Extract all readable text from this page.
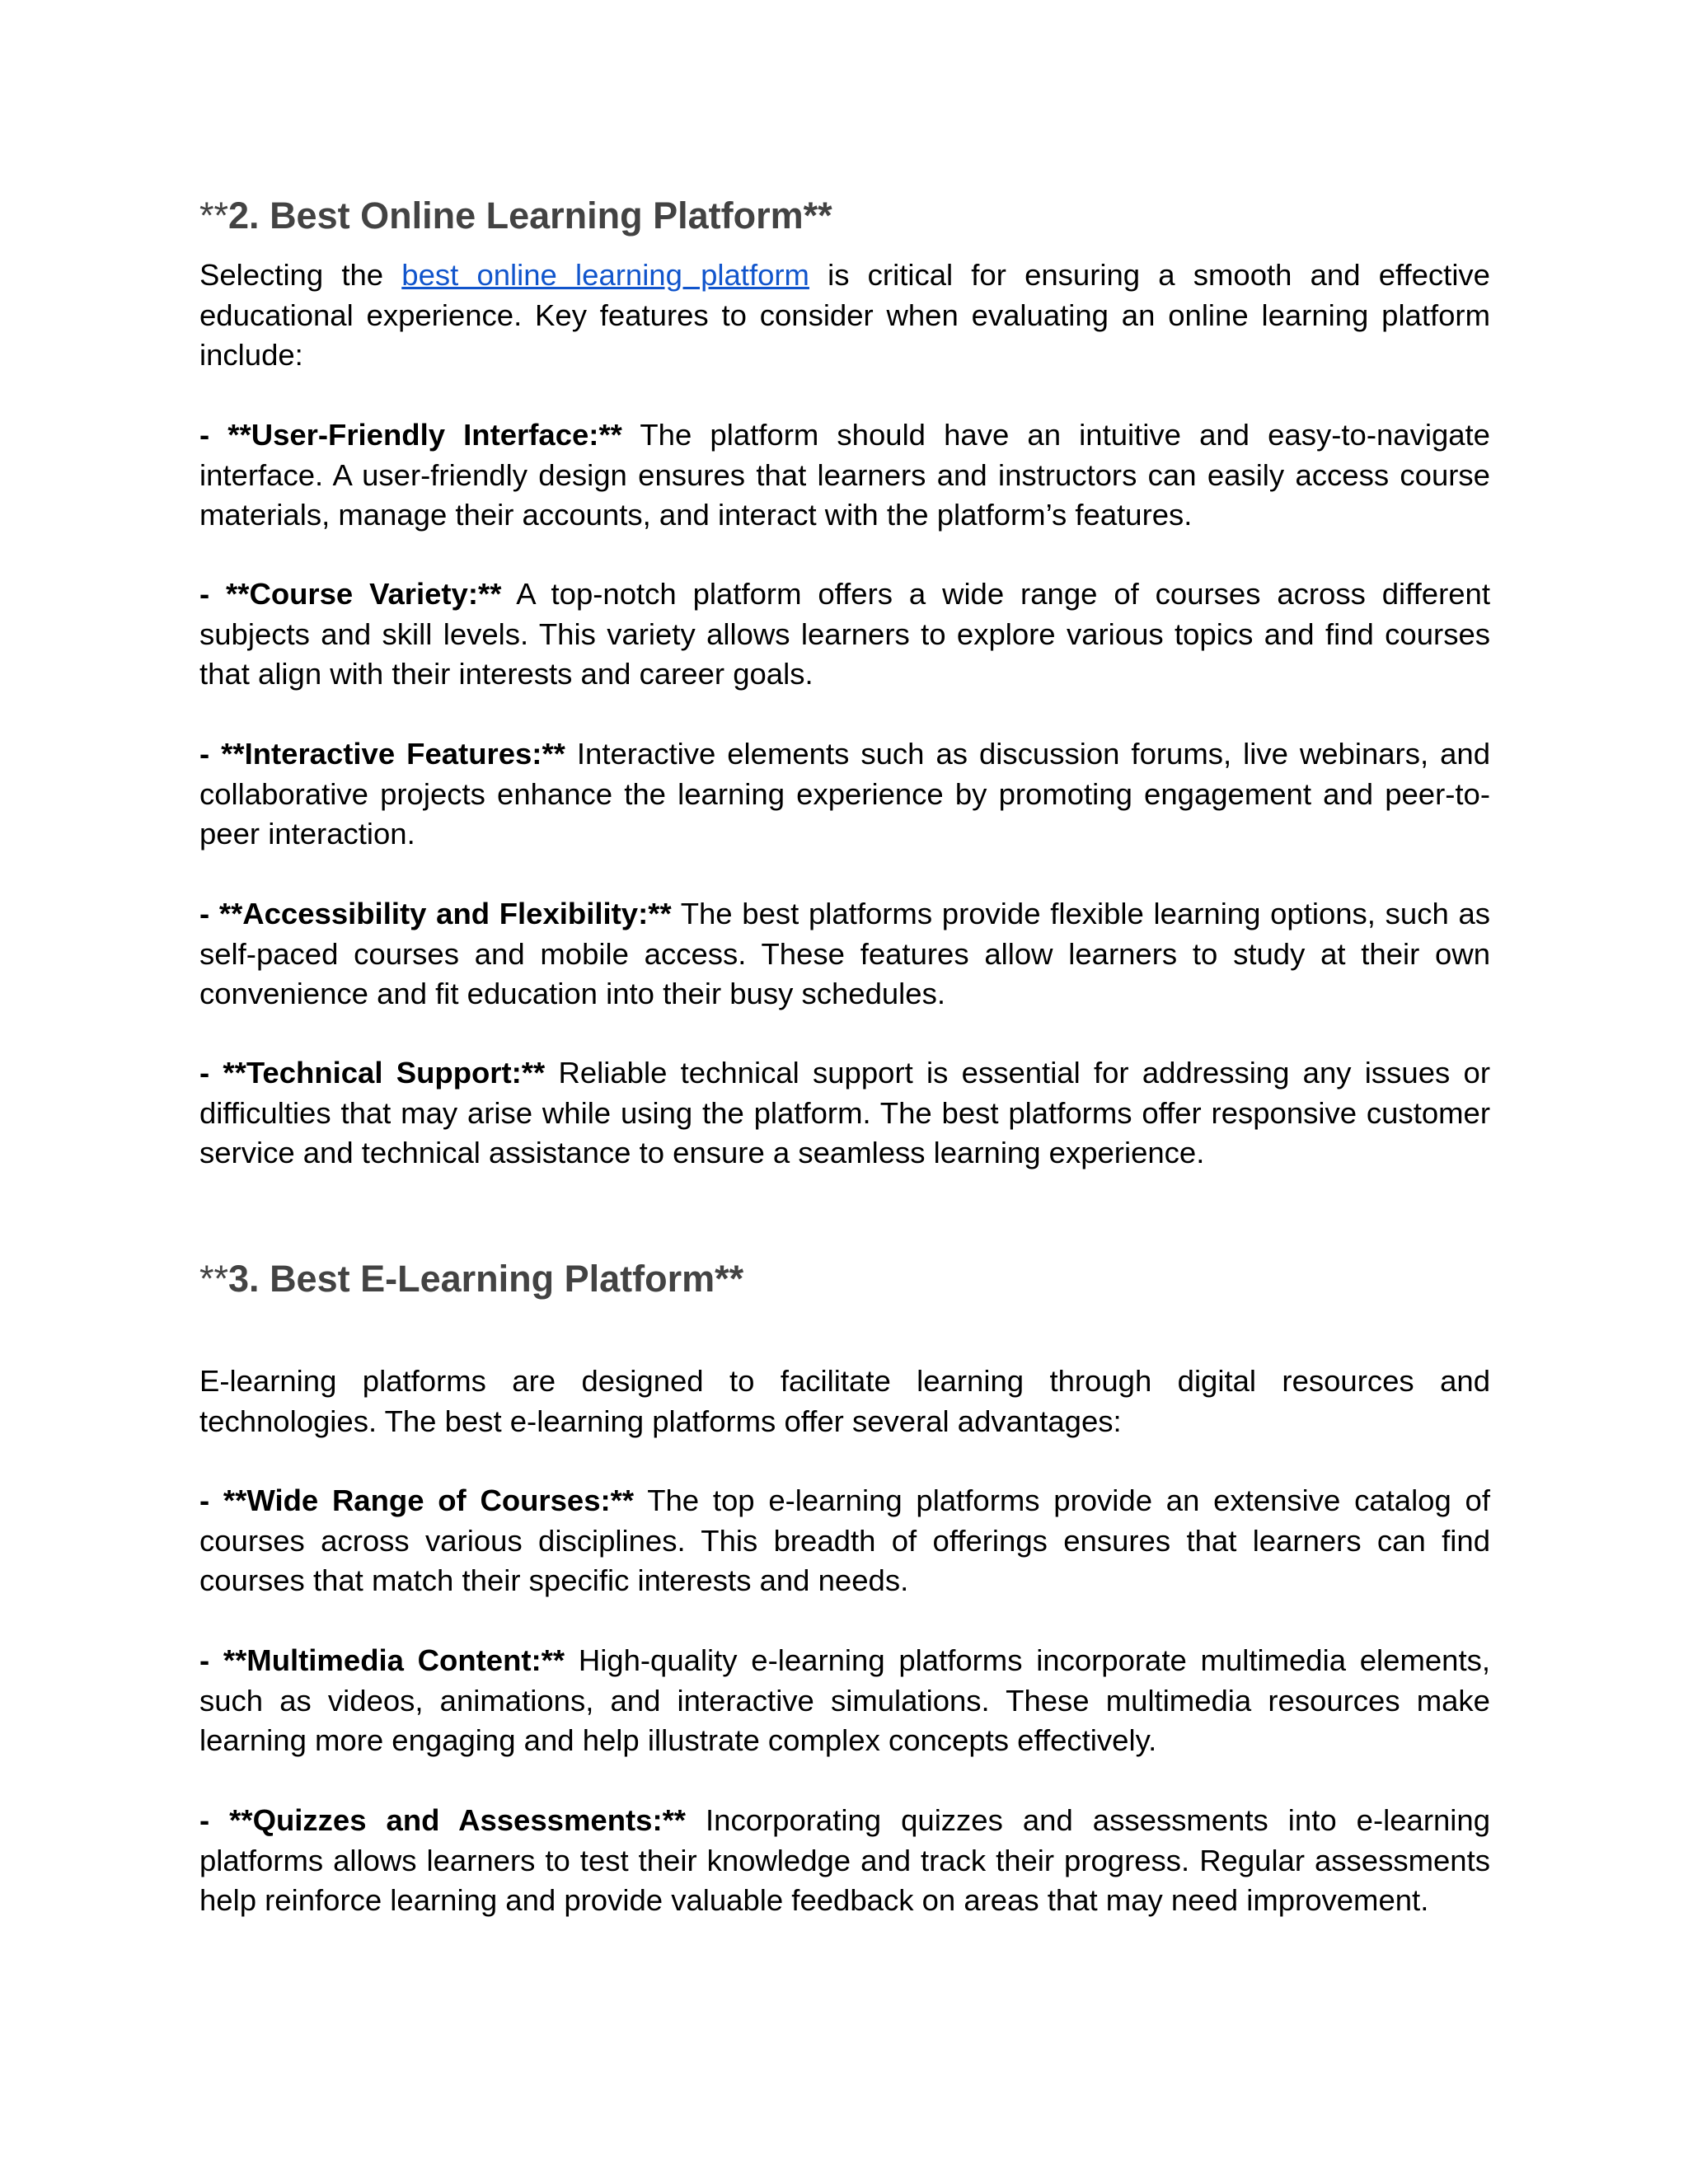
**2. Best Online Learning Platform**

Selecting the best online learning platform is critical for ensuring a smooth and effective educational experience. Key features to consider when evaluating an online learning platform include:

- **User-Friendly Interface:** The platform should have an intuitive and easy-to-navigate interface. A user-friendly design ensures that learners and instructors can easily access course materials, manage their accounts, and interact with the platform’s features.

- **Course Variety:** A top-notch platform offers a wide range of courses across different subjects and skill levels. This variety allows learners to explore various topics and find courses that align with their interests and career goals.

- **Interactive Features:** Interactive elements such as discussion forums, live webinars, and collaborative projects enhance the learning experience by promoting engagement and peer-to-peer interaction.

- **Accessibility and Flexibility:** The best platforms provide flexible learning options, such as self-paced courses and mobile access. These features allow learners to study at their own convenience and fit education into their busy schedules.

- **Technical Support:** Reliable technical support is essential for addressing any issues or difficulties that may arise while using the platform. The best platforms offer responsive customer service and technical assistance to ensure a seamless learning experience.

**3. Best E-Learning Platform**

E-learning platforms are designed to facilitate learning through digital resources and technologies. The best e-learning platforms offer several advantages:

- **Wide Range of Courses:** The top e-learning platforms provide an extensive catalog of courses across various disciplines. This breadth of offerings ensures that learners can find courses that match their specific interests and needs.

- **Multimedia Content:** High-quality e-learning platforms incorporate multimedia elements, such as videos, animations, and interactive simulations. These multimedia resources make learning more engaging and help illustrate complex concepts effectively.

- **Quizzes and Assessments:** Incorporating quizzes and assessments into e-learning platforms allows learners to test their knowledge and track their progress. Regular assessments help reinforce learning and provide valuable feedback on areas that may need improvement.
